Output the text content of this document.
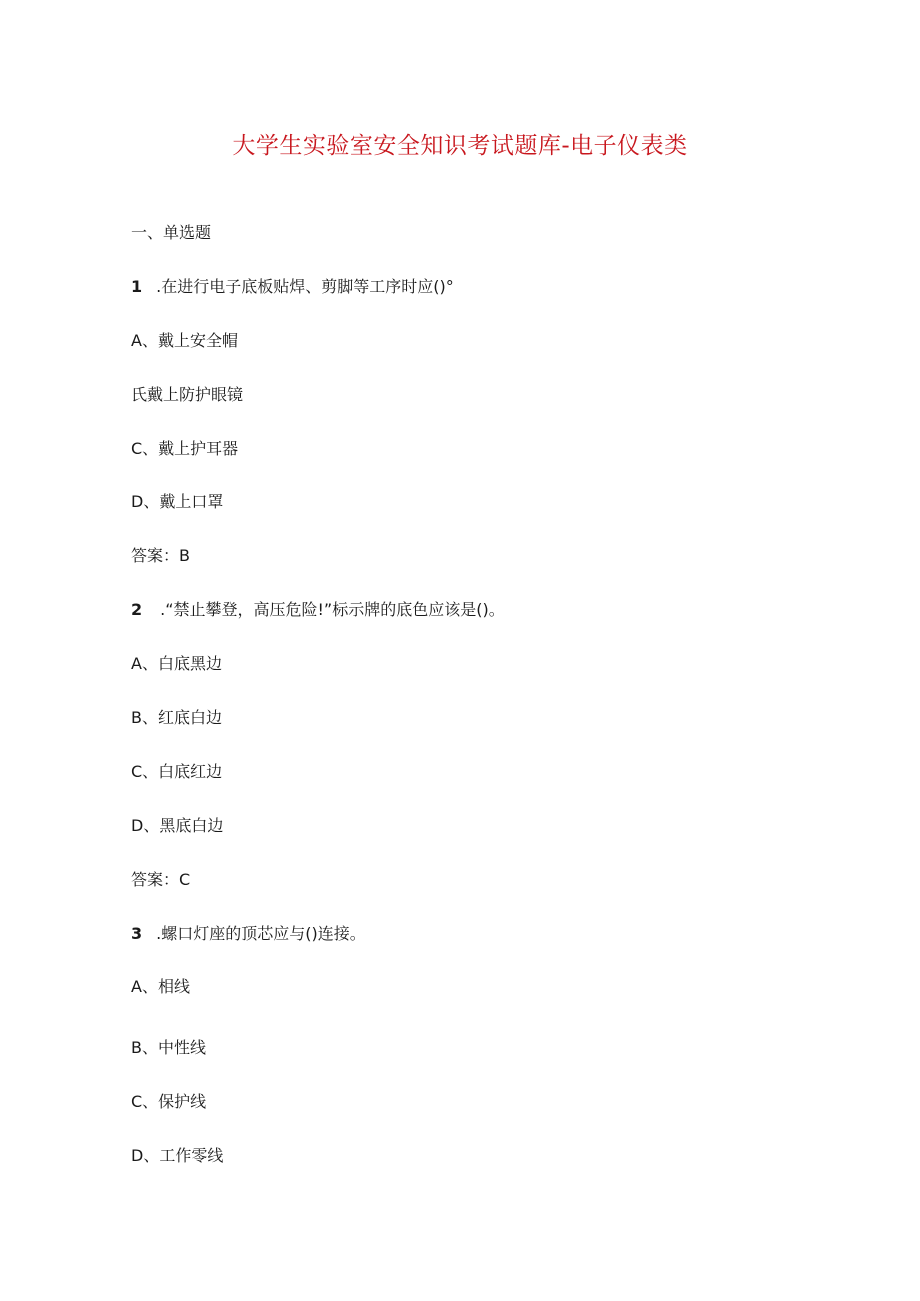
大学生实验室安全知识考试题库-电子仪表类
一、单选题
1 .在进行电子底板贴焊、剪脚等工序时应()°
A、戴上安全帽
氏戴上防护眼镜
C、戴上护耳器
D、戴上口罩
答案：B
2 .“禁止攀登，高压危险!”标示牌的底色应该是()。
A、白底黑边
B、红底白边
C、白底红边
D、黑底白边
答案：C
3 .螺口灯座的顶芯应与()连接。
A、相线
B、中性线
C、保护线
D、工作零线
